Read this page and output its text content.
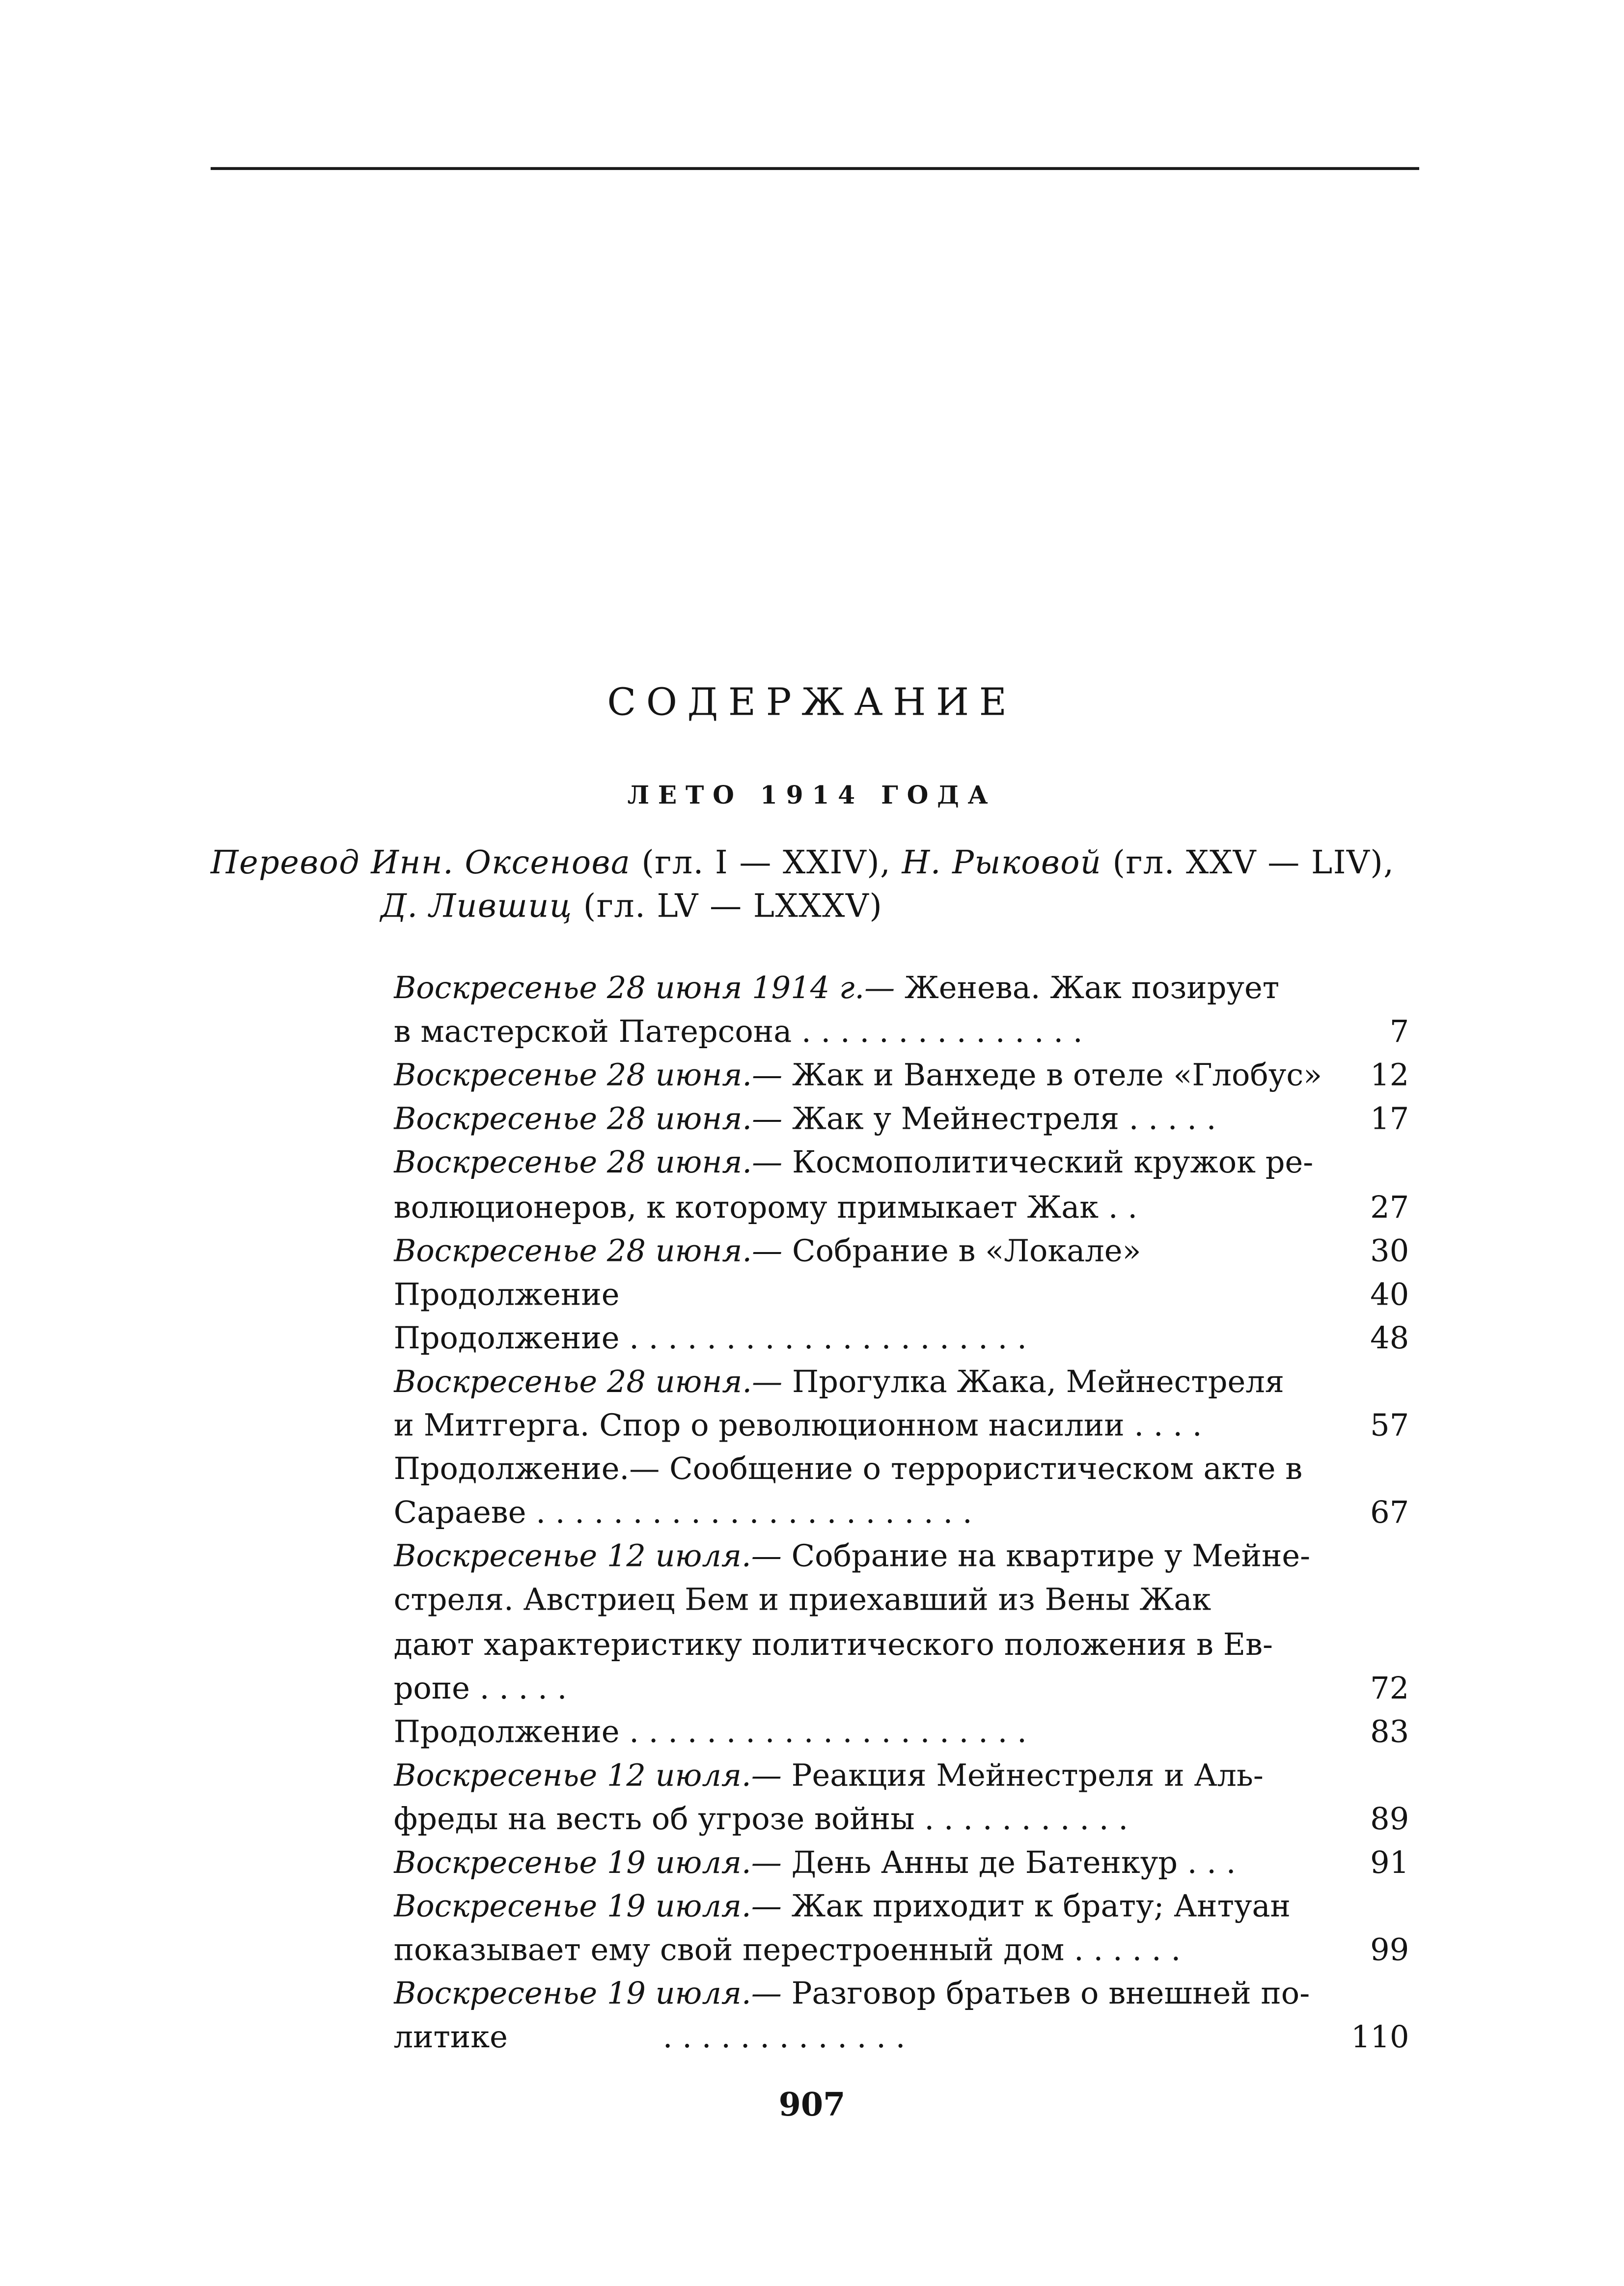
СОДЕРЖАНИЕ
ЛЕТО 1914 ГОДА
Перевод Инн. Оксенова (гл. I — XXIV), Н. Рыковой (гл. XXV — LIV),
Д. Лившиц (гл. LV — LXXXV)
Воскресенье 28 июня 1914 г.— Женева. Жак позирует
в мастерской Патерсона . . . . . . . . . . . . . . .	7
Воскресенье 28 июня.— Жак и Ванхеде в отеле «Глобус»	12
Воскресенье 28 июня.— Жак у Мейнестреля . . . . .	17
Воскресенье 28 июня.— Космополитический кружок ре-
волюционеров, к которому примыкает Жак . .	27
Воскресенье 28 июня.— Собрание в «Локале»	30
Продолжение	40
Продолжение . . . . . . . . . . . . . . . . . . . . .	48
Воскресенье 28 июня.— Прогулка Жака, Мейнестреля
и Митгерга. Спор о революционном насилии . . . .	57
Продолжение.— Сообщение о террористическом акте в
Сараеве . . . . . . . . . . . . . . . . . . . . . . .	67
Воскресенье 12 июля.— Собрание на квартире у Мейне-
стреля. Австриец Бем и приехавший из Вены Жак
дают характеристику политического положения в Ев-
ропе . . . . .	72
Продолжение . . . . . . . . . . . . . . . . . . . . .	83
Воскресенье 12 июля.— Реакция Мейнестреля и Аль-
фреды на весть об угрозе войны . . . . . . . . . . .	89
Воскресенье 19 июля.— День Анны де Батенкур . . .	91
Воскресенье 19 июля.— Жак приходит к брату; Антуан
показывает ему свой перестроенный дом . . . . . .	99
Воскресенье 19 июля.— Разговор братьев о внешней по-
литике                . . . . . . . . . . . . .	110
907
